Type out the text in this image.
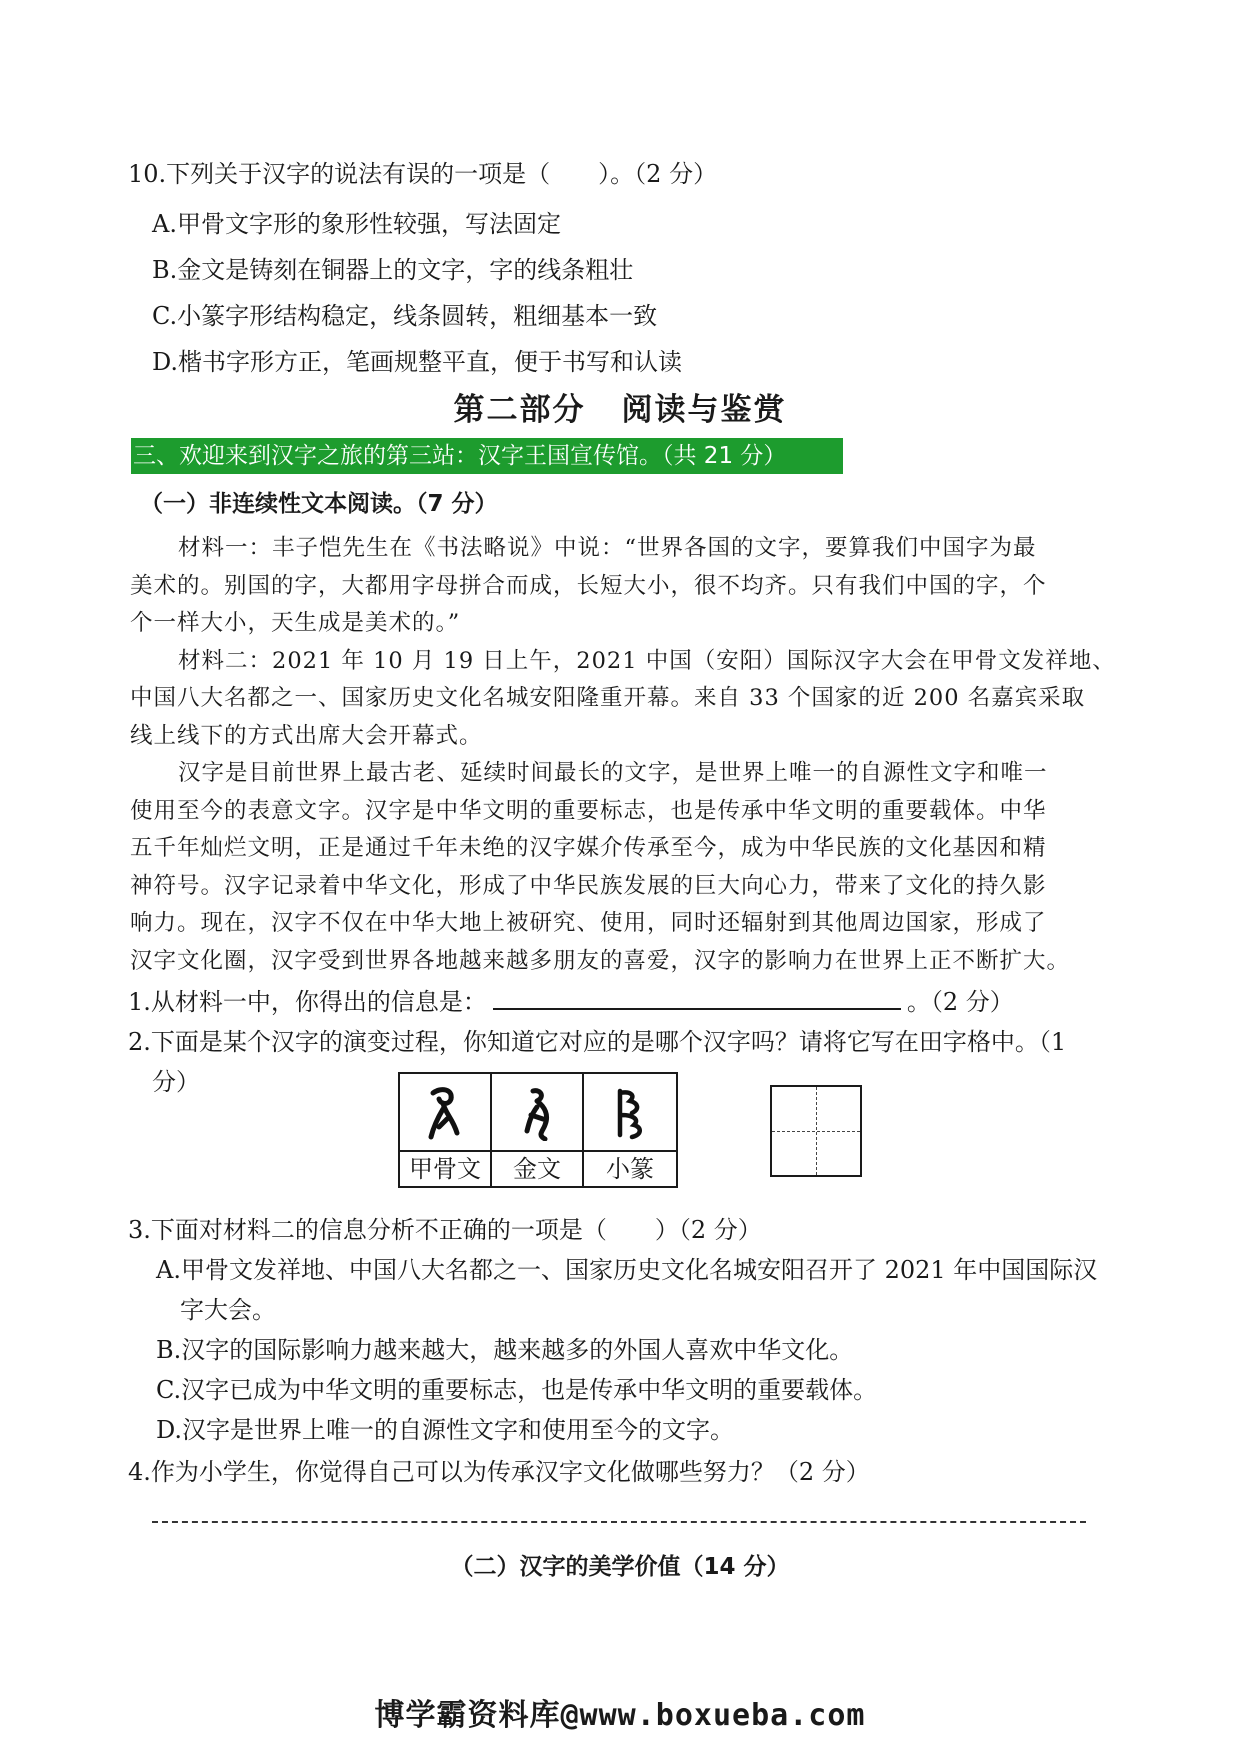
10.下列关于汉字的说法有误的一项是（　　）。（2 分）
A.甲骨文字形的象形性较强，写法固定
B.金文是铸刻在铜器上的文字，字的线条粗壮
C.小篆字形结构稳定，线条圆转，粗细基本一致
D.楷书字形方正，笔画规整平直，便于书写和认读
第二部分 阅读与鉴赏
三、欢迎来到汉字之旅的第三站：汉字王国宣传馆。（共 21 分）
（一）非连续性文本阅读。（7 分）
材料一：丰子恺先生在《书法略说》中说：“世界各国的文字，要算我们中国字为最
美术的。别国的字，大都用字母拼合而成，长短大小，很不均齐。只有我们中国的字，个
个一样大小，天生成是美术的。”
材料二：2021 年 10 月 19 日上午，2021 中国（安阳）国际汉字大会在甲骨文发祥地、
中国八大名都之一、国家历史文化名城安阳隆重开幕。来自 33 个国家的近 200 名嘉宾采取
线上线下的方式出席大会开幕式。
汉字是目前世界上最古老、延续时间最长的文字，是世界上唯一的自源性文字和唯一
使用至今的表意文字。汉字是中华文明的重要标志，也是传承中华文明的重要载体。中华
五千年灿烂文明，正是通过千年未绝的汉字媒介传承至今，成为中华民族的文化基因和精
神符号。汉字记录着中华文化，形成了中华民族发展的巨大向心力，带来了文化的持久影
响力。现在，汉字不仅在中华大地上被研究、使用，同时还辐射到其他周边国家，形成了
汉字文化圈，汉字受到世界各地越来越多朋友的喜爱，汉字的影响力在世界上正不断扩大。
1.从材料一中，你得出的信息是：	。（2 分）
2.下面是某个汉字的演变过程，你知道它对应的是哪个汉字吗？请将它写在田字格中。（1
分）
甲骨文	金文	小篆
3.下面对材料二的信息分析不正确的一项是（　　）（2 分）
A.甲骨文发祥地、中国八大名都之一、国家历史文化名城安阳召开了 2021 年中国国际汉
字大会。
B.汉字的国际影响力越来越大，越来越多的外国人喜欢中华文化。
C.汉字已成为中华文明的重要标志，也是传承中华文明的重要载体。
D.汉字是世界上唯一的自源性文字和使用至今的文字。
4.作为小学生，你觉得自己可以为传承汉字文化做哪些努力？（2 分）
（二）汉字的美学价值（14 分）
博学霸资料库@www.boxueba.com
